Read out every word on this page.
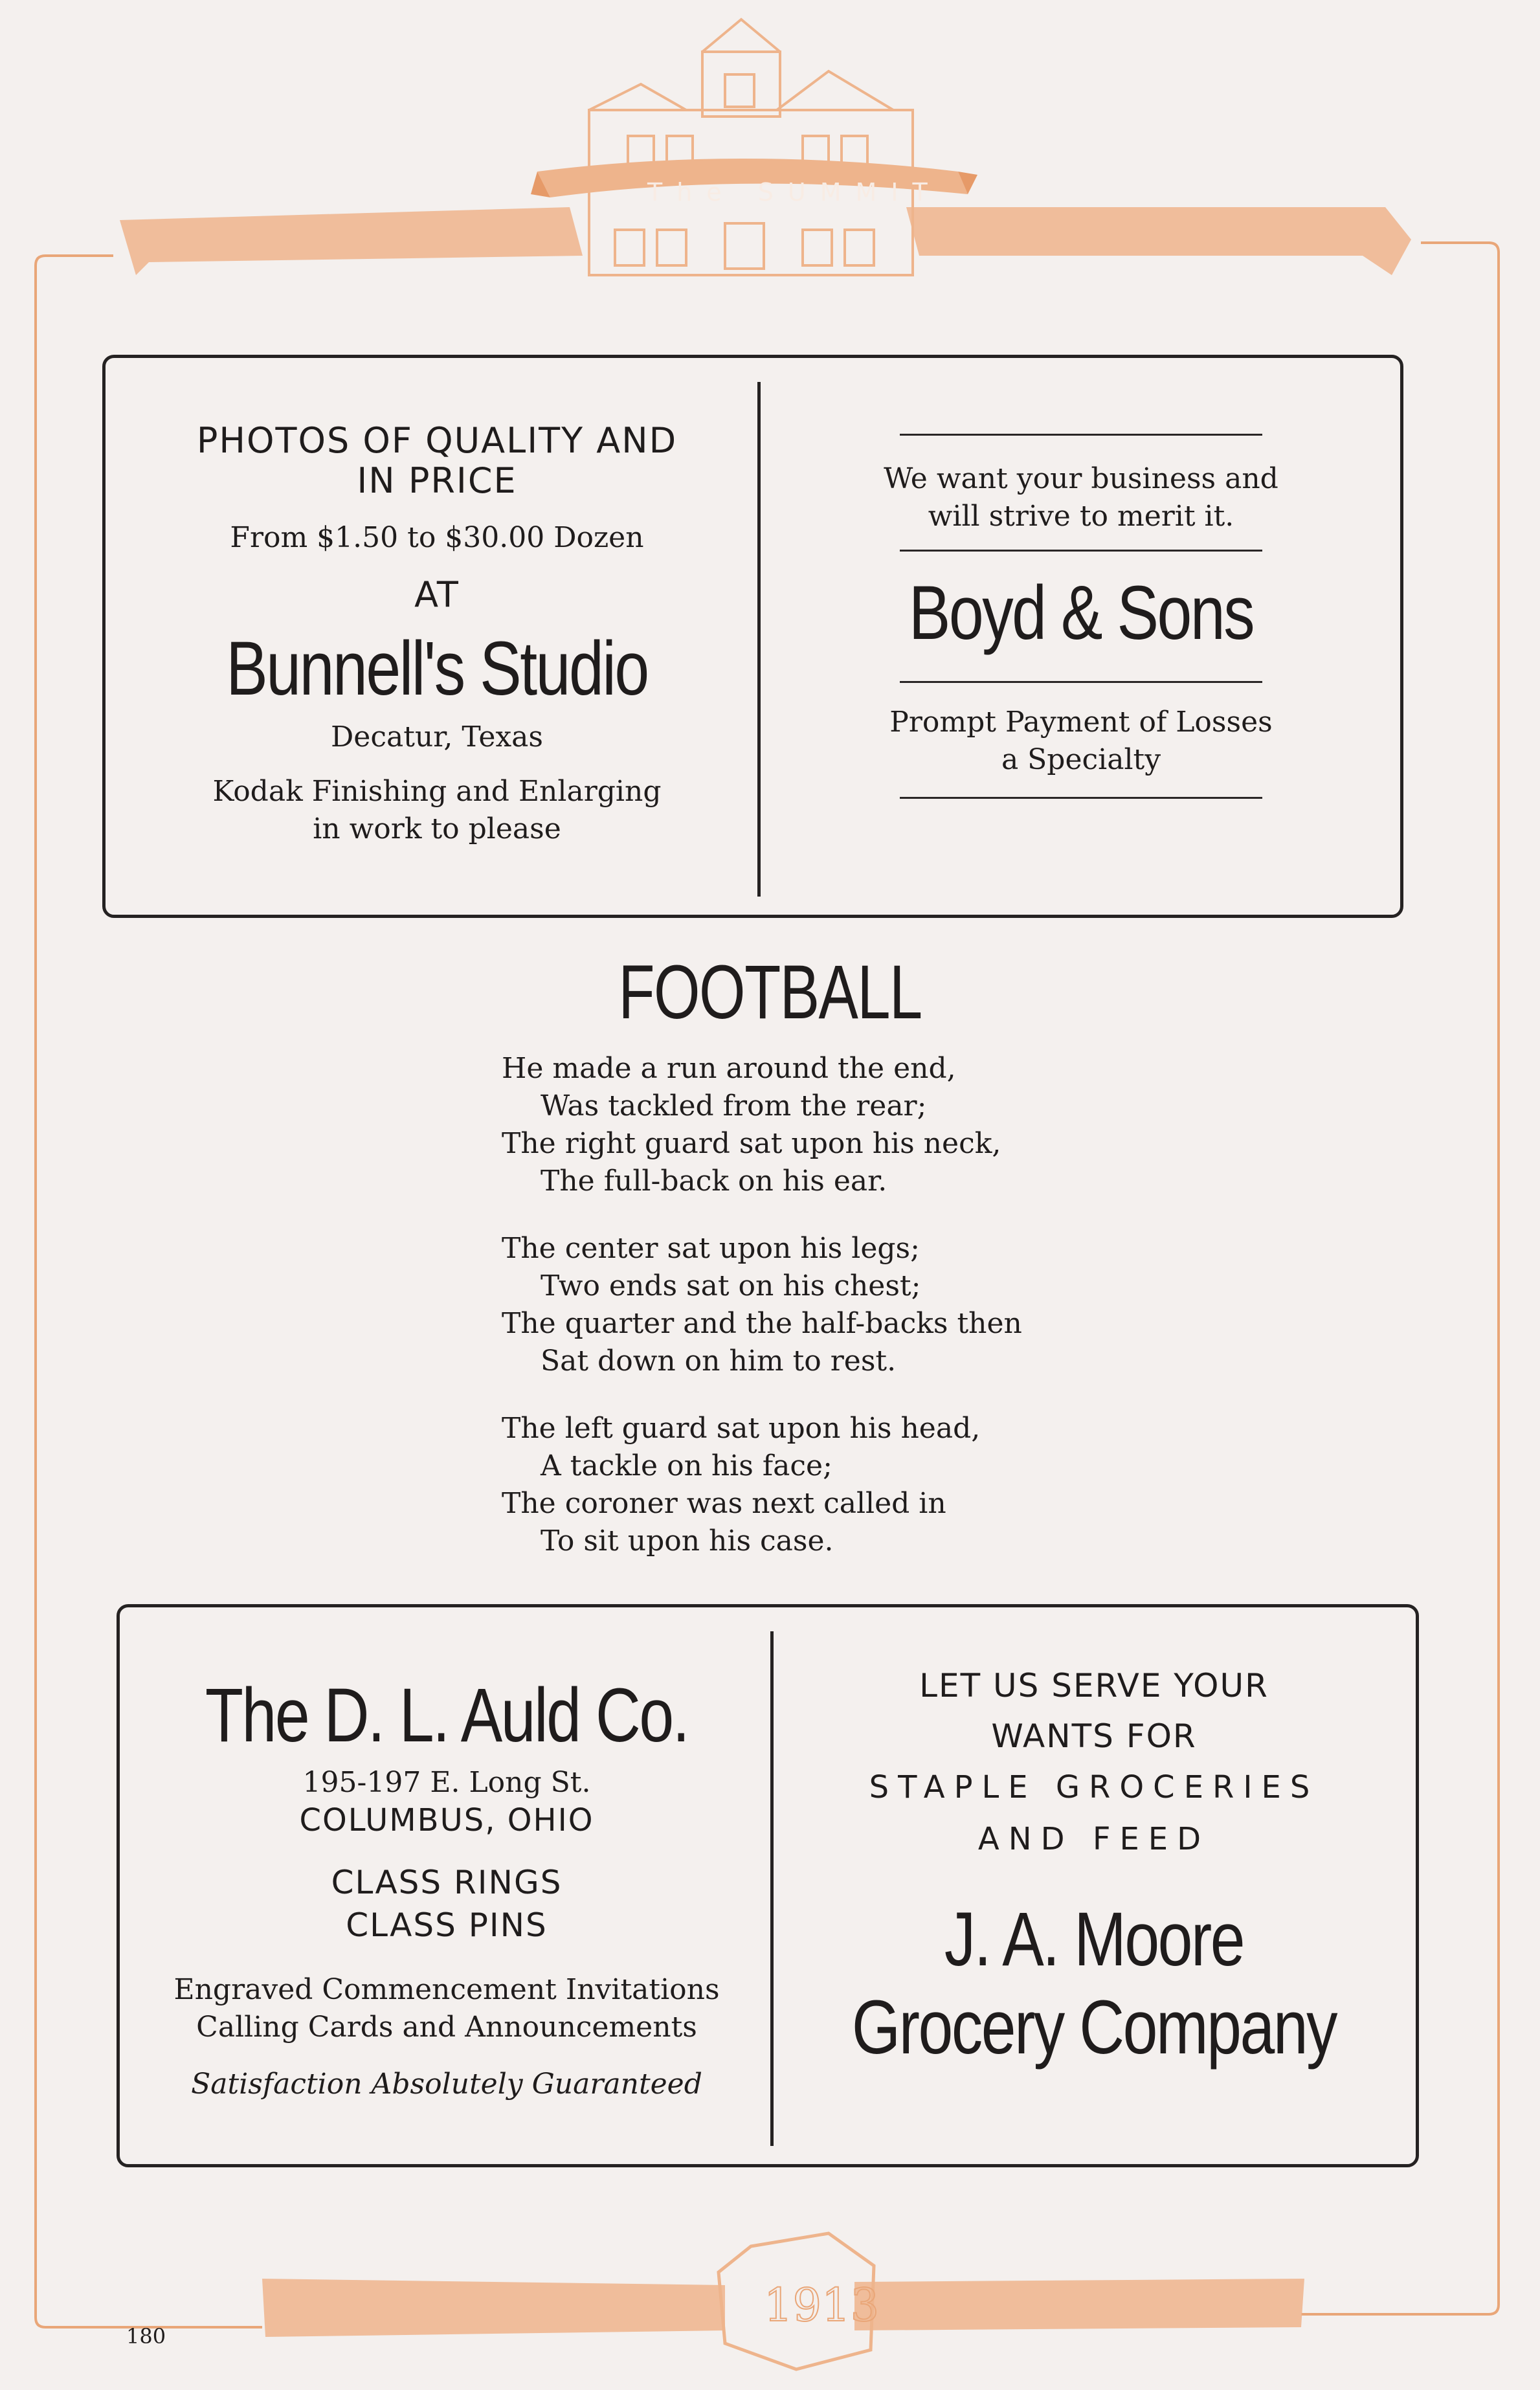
1913
The SUMMIT
PHOTOS OF QUALITY AND
IN PRICE
From $1.50 to $30.00 Dozen
AT
Bunnell's Studio
Decatur, Texas
Kodak Finishing and Enlarging
in work to please
We want your business and
will strive to merit it.
Boyd & Sons
Prompt Payment of Losses
a Specialty
FOOTBALL
He made a run around the end,
Was tackled from the rear;
The right guard sat upon his neck,
The full-back on his ear.
The center sat upon his legs;
Two ends sat on his chest;
The quarter and the half-backs then
Sat down on him to rest.
The left guard sat upon his head,
A tackle on his face;
The coroner was next called in
To sit upon his case.
The D. L. Auld Co.
195-197 E. Long St.
COLUMBUS, OHIO
CLASS RINGS
CLASS PINS
Engraved Commencement Invitations
Calling Cards and Announcements
Satisfaction Absolutely Guaranteed
LET US SERVE YOUR
WANTS FOR
STAPLE GROCERIES
AND FEED
J. A. Moore
Grocery Company
180
